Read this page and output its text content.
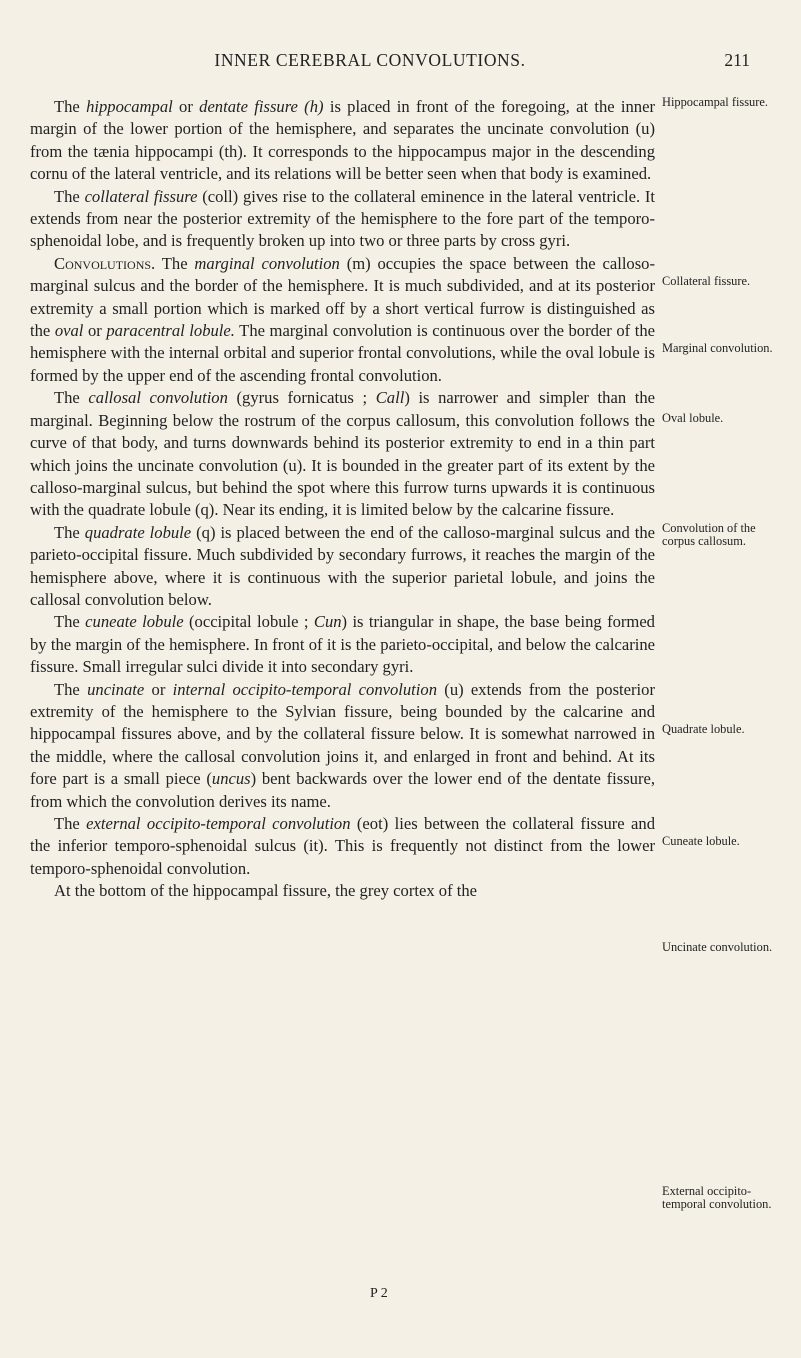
INNER CEREBRAL CONVOLUTIONS.	211

The hippocampal or dentate fissure (h) is placed in front of the foregoing, at the inner margin of the lower portion of the hemisphere, and separates the uncinate convolution (u) from the tænia hippocampi (th). It corresponds to the hippocampus major in the descending cornu of the lateral ventricle, and its relations will be better seen when that body is examined.

The collateral fissure (coll) gives rise to the collateral eminence in the lateral ventricle. It extends from near the posterior extremity of the hemisphere to the fore part of the temporo-sphenoidal lobe, and is frequently broken up into two or three parts by cross gyri.

Convolutions. The marginal convolution (m) occupies the space between the calloso-marginal sulcus and the border of the hemisphere. It is much subdivided, and at its posterior extremity a small portion which is marked off by a short vertical furrow is distinguished as the oval or paracentral lobule. The marginal convolution is continuous over the border of the hemisphere with the internal orbital and superior frontal convolutions, while the oval lobule is formed by the upper end of the ascending frontal convolution.

The callosal convolution (gyrus fornicatus ; Call) is narrower and simpler than the marginal. Beginning below the rostrum of the corpus callosum, this convolution follows the curve of that body, and turns downwards behind its posterior extremity to end in a thin part which joins the uncinate convolution (u). It is bounded in the greater part of its extent by the calloso-marginal sulcus, but behind the spot where this furrow turns upwards it is continuous with the quadrate lobule (q). Near its ending, it is limited below by the calcarine fissure.

The quadrate lobule (q) is placed between the end of the calloso-marginal sulcus and the parieto-occipital fissure. Much subdivided by secondary furrows, it reaches the margin of the hemisphere above, where it is continuous with the superior parietal lobule, and joins the callosal convolution below.

The cuneate lobule (occipital lobule ; Cun) is triangular in shape, the base being formed by the margin of the hemisphere. In front of it is the parieto-occipital, and below the calcarine fissure. Small irregular sulci divide it into secondary gyri.

The uncinate or internal occipito-temporal convolution (u) extends from the posterior extremity of the hemisphere to the Sylvian fissure, being bounded by the calcarine and hippocampal fissures above, and by the collateral fissure below. It is somewhat narrowed in the middle, where the callosal convolution joins it, and enlarged in front and behind. At its fore part is a small piece (uncus) bent backwards over the lower end of the dentate fissure, from which the convolution derives its name.

The external occipito-temporal convolution (eot) lies between the collateral fissure and the inferior temporo-sphenoidal sulcus (it). This is frequently not distinct from the lower temporo-sphenoidal convolution.

At the bottom of the hippocampal fissure, the grey cortex of the

Hippocampal fissure.
Collateral fissure.
Marginal convolution.
Oval lobule.
Convolution of the corpus callosum.
Quadrate lobule.
Cuneate lobule.
Uncinate convolution.
External occipito-temporal convolution.
P 2
